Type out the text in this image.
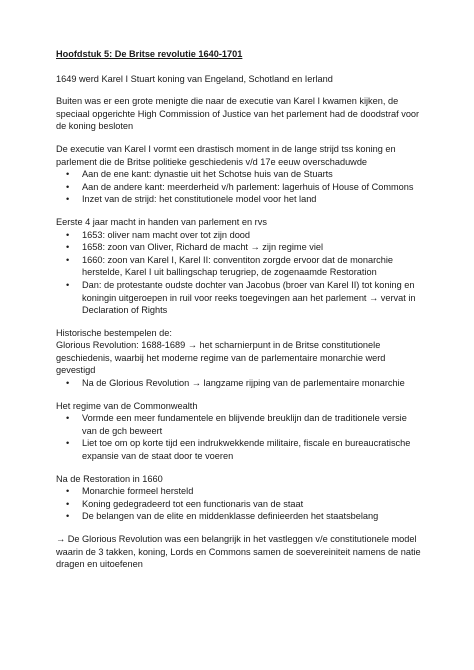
Hoofdstuk 5: De Britse revolutie 1640-1701

1649 werd Karel I Stuart koning van Engeland, Schotland en Ierland

Buiten was er een grote menigte die naar de executie van Karel I kwamen kijken, de speciaal opgerichte High Commission of Justice van het parlement had de doodstraf voor de koning besloten

De executie van Karel I vormt een drastisch moment in de lange strijd tss koning en parlement die de Britse politieke geschiedenis v/d 17e eeuw overschaduwde

• Aan de ene kant: dynastie uit het Schotse huis van de Stuarts
• Aan de andere kant: meerderheid v/h parlement: lagerhuis of House of Commons
• Inzet van de strijd: het constitutionele model voor het land

Eerste 4 jaar macht in handen van parlement en rvs

• 1653: oliver nam macht over tot zijn dood
• 1658: zoon van Oliver, Richard de macht → zijn regime viel
• 1660: zoon van Karel I, Karel II: conventiton zorgde ervoor dat de monarchie herstelde, Karel I uit ballingschap terugriep, de zogenaamde Restoration
• Dan: de protestante oudste dochter van Jacobus (broer van Karel II) tot koning en koningin uitgeroepen in ruil voor reeks toegevingen aan het parlement → vervat in Declaration of Rights

Historische bestempelen de:

Glorious Revolution: 1688-1689 → het scharnierpunt in de Britse constitutionele geschiedenis, waarbij het moderne regime van de parlementaire monarchie werd gevestigd

• Na de Glorious Revolution → langzame rijping van de parlementaire monarchie

Het regime van de Commonwealth

• Vormde een meer fundamentele en blijvende breuklijn dan de traditionele versie van de gch beweert
• Liet toe om op korte tijd een indrukwekkende militaire, fiscale en bureaucratische expansie van de staat door te voeren

Na de Restoration in 1660

• Monarchie formeel hersteld
• Koning gedegradeerd tot een functionaris van de staat
• De belangen van de elite en middenklasse definieerden het staatsbelang

→ De Glorious Revolution was een belangrijk in het vastleggen v/e constitutionele model waarin de 3 takken, koning, Lords en Commons samen de soevereiniteit namens de natie dragen en uitoefenen
